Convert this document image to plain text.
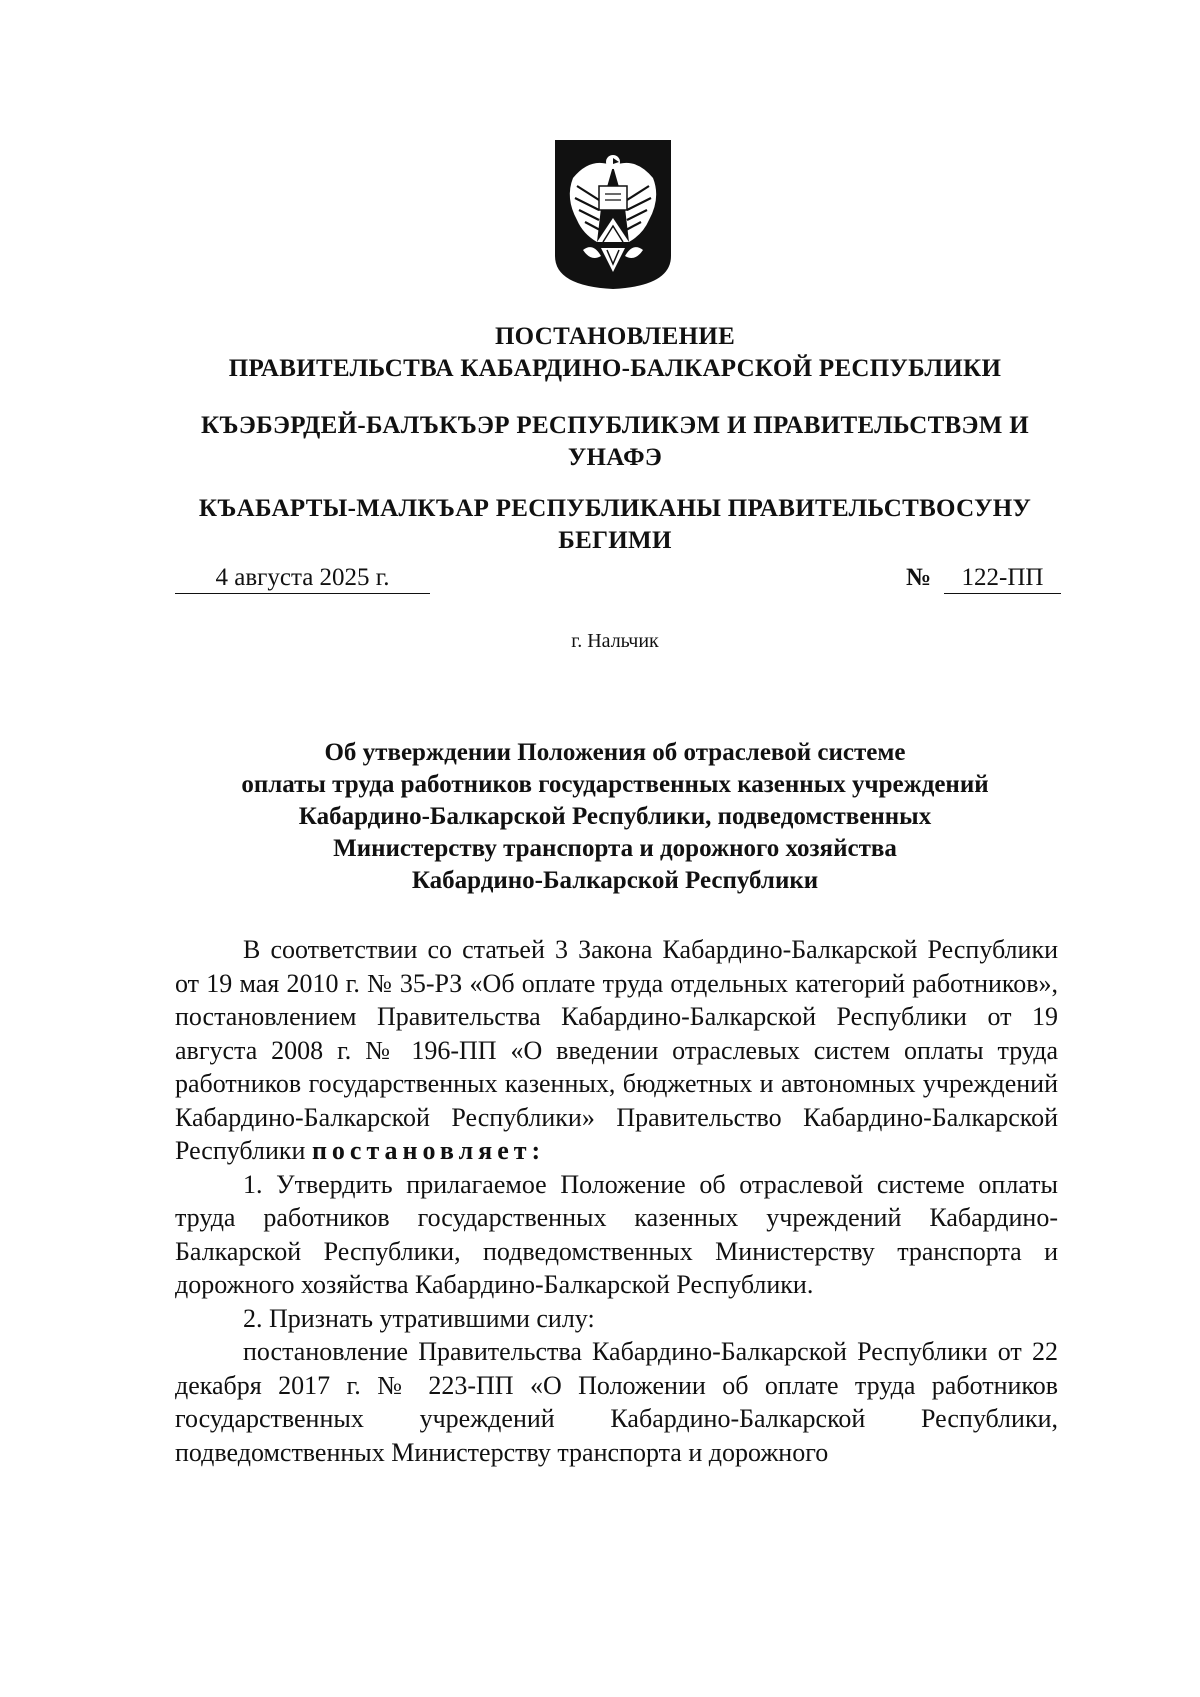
ПОСТАНОВЛЕНИЕ
ПРАВИТЕЛЬСТВА КАБАРДИНО-БАЛКАРСКОЙ РЕСПУБЛИКИ
КЪЭБЭРДЕЙ-БАЛЪКЪЭР РЕСПУБЛИКЭМ И ПРАВИТЕЛЬСТВЭМ И
УНАФЭ
КЪАБАРТЫ-МАЛКЪАР РЕСПУБЛИКАНЫ ПРАВИТЕЛЬСТВОСУНУ
БЕГИМИ
4 августа 2025 г.	№	122-ПП
г. Нальчик
Об утверждении Положения об отраслевой системе
оплаты труда работников государственных казенных учреждений
Кабардино-Балкарской Республики, подведомственных
Министерству транспорта и дорожного хозяйства
Кабардино-Балкарской Республики

В соответствии со статьей 3 Закона Кабардино-Балкарской Республики от 19 мая 2010 г. № 35-РЗ «Об оплате труда отдельных категорий работников», постановлением Правительства Кабардино-Балкарской Республики от 19 августа 2008 г. № 196-ПП «О введении отраслевых систем оплаты труда работников государственных казенных, бюджетных и автономных учреждений Кабардино-Балкарской Республики» Правительство Кабардино-Балкарской Республики постановляет:

1. Утвердить прилагаемое Положение об отраслевой системе оплаты труда работников государственных казенных учреждений Кабардино-Балкарской Республики, подведомственных Министерству транспорта и дорожного хозяйства Кабардино-Балкарской Республики.

2. Признать утратившими силу:

постановление Правительства Кабардино-Балкарской Республики от 22 декабря 2017 г. № 223-ПП «О Положении об оплате труда работников государственных учреждений Кабардино-Балкарской Республики, подведомственных Министерству транспорта и дорожного
